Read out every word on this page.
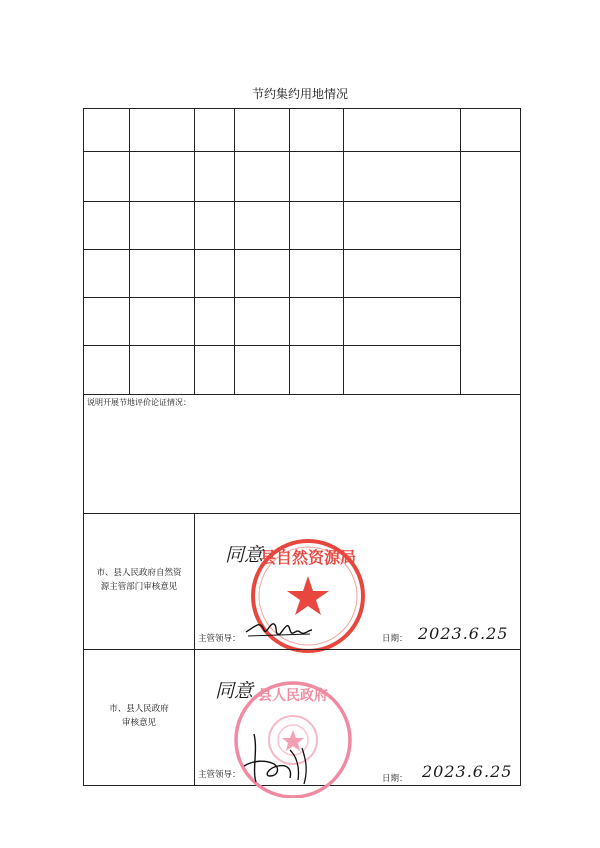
节约集约用地情况
说明开展节地评价论证情况：
市、县人民政府自然资
源主管部门审核意见
县自然资源局
同意
主管领导：	日期： 2023.6.25
市、县人民政府
审核意见
县人民政府
同意
主管领导：	日期： 2023.6.25
